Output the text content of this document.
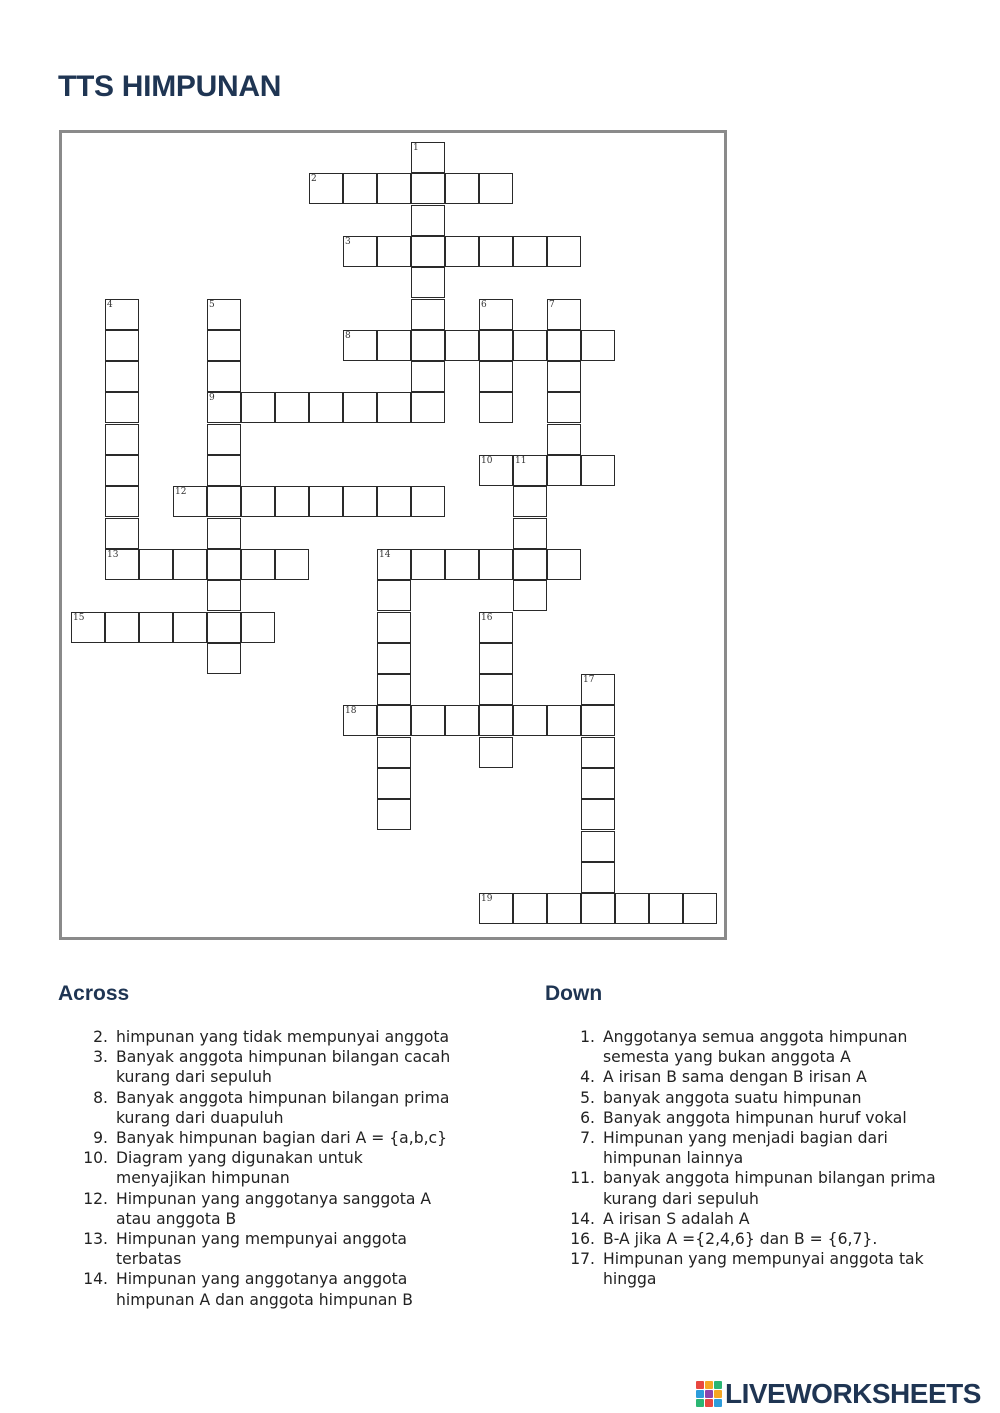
TTS HIMPUNAN
1
2
3
4
13
5
9
6	7
8
10	11
12
14
15	16
17
18
19
Across
2. himpunan yang tidak mempunyai anggota
3. Banyak anggota himpunan bilangan cacah kurang dari sepuluh
8. Banyak anggota himpunan bilangan prima kurang dari duapuluh
9. Banyak himpunan bagian dari A = {a,b,c}
10. Diagram yang digunakan untuk menyajikan himpunan
12. Himpunan yang anggotanya sanggota A atau anggota B
13. Himpunan yang mempunyai anggota terbatas
14. Himpunan yang anggotanya anggota himpunan A dan anggota himpunan B
Down
1. Anggotanya semua anggota himpunan semesta yang bukan anggota A
4. A irisan B sama dengan B irisan A
5. banyak anggota suatu himpunan
6. Banyak anggota himpunan huruf vokal
7. Himpunan yang menjadi bagian dari himpunan lainnya
11. banyak anggota himpunan bilangan prima kurang dari sepuluh
14. A irisan S adalah A
16. B-A jika A ={2,4,6} dan B = {6,7}.
17. Himpunan yang mempunyai anggota tak hingga
LIVEWORKSHEETS
